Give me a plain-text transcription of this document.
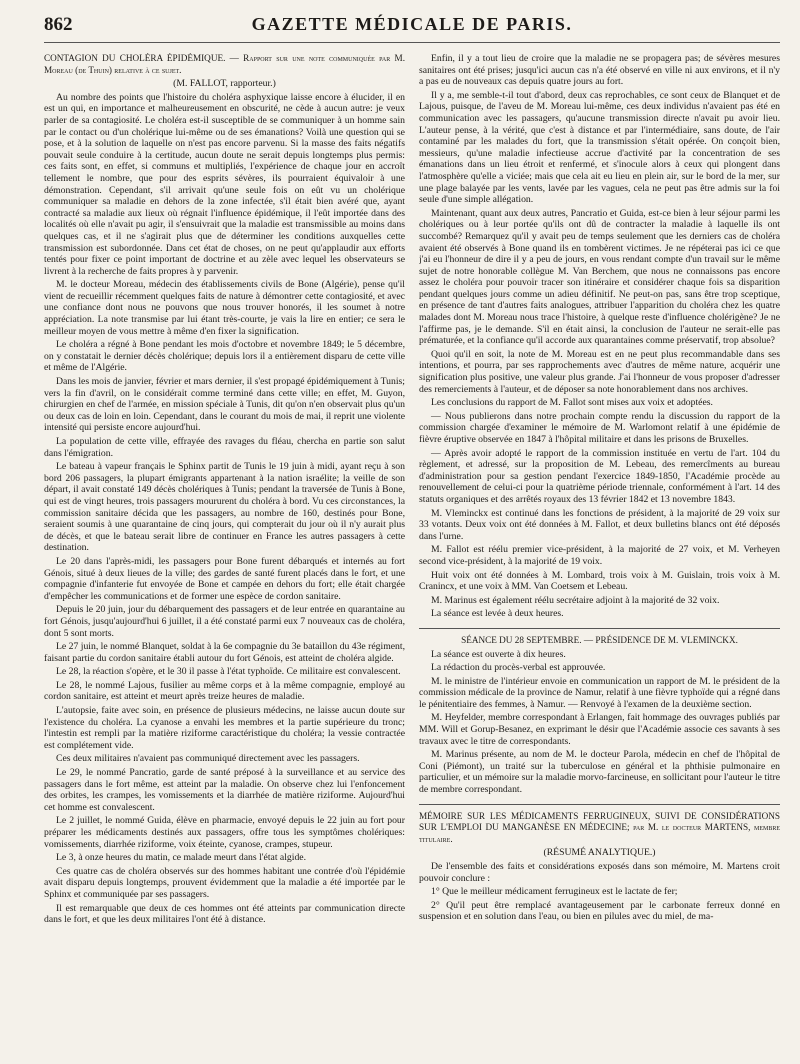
862	GAZETTE MÉDICALE DE PARIS.

CONTAGION DU CHOLÉRA ÉPIDÉMIQUE. — Rapport sur une note communiquée par M. Moreau (de Thuin) relative à ce sujet.

(M. FALLOT, rapporteur.)

Au nombre des points que l'histoire du choléra asphyxique laisse encore à élucider, il en est un qui, en importance et malheureusement en obscurité, ne cède à aucun autre: je veux parler de sa contagiosité. Le choléra est-il susceptible de se communiquer à un homme sain par le contact ou d'un cholérique lui-même ou de ses émanations? Voilà une question qui se pose, et à la solution de laquelle on n'est pas encore parvenu. Si la masse des faits négatifs pouvait seule conduire à la certitude, aucun doute ne serait depuis longtemps plus permis: ces faits sont, en effet, si communs et multipliés, l'expérience de chaque jour en accroît tellement le nombre, que pour des esprits sévères, ils pourraient équivaloir à une démonstration. Cependant, s'il arrivait qu'une seule fois on eût vu un cholérique communiquer sa maladie en dehors de la zone infectée, s'il était bien avéré que, ayant contracté sa maladie aux lieux où régnait l'influence épidémique, il l'eût importée dans des localités où elle n'avait pu agir, il s'ensuivrait que la maladie est transmissible au moins dans quelques cas, et il ne s'agirait plus que de déterminer les conditions auxquelles cette transmission est subordonnée. Dans cet état de choses, on ne peut qu'applaudir aux efforts tentés pour fixer ce point important de doctrine et au zèle avec lequel les observateurs se livrent à la recherche de faits propres à y parvenir.

M. le docteur Moreau, médecin des établissements civils de Bone (Algérie), pense qu'il vient de recueillir récemment quelques faits de nature à démontrer cette contagiosité, et avec une confiance dont nous ne pouvons que nous trouver honorés, il les soumet à notre appréciation. La note transmise par lui étant très-courte, je vais la lire en entier; ce sera le meilleur moyen de vous mettre à même d'en fixer la signification.

Le choléra a régné à Bone pendant les mois d'octobre et novembre 1849; le 5 décembre, on y constatait le dernier décès cholérique; depuis lors il a entièrement disparu de cette ville et même de l'Algérie.

Dans les mois de janvier, février et mars dernier, il s'est propagé épidémiquement à Tunis; vers la fin d'avril, on le considérait comme terminé dans cette ville; en effet, M. Guyon, chirurgien en chef de l'armée, en mission spéciale à Tunis, dit qu'on n'en observait plus qu'un ou deux cas de loin en loin. Cependant, dans le courant du mois de mai, il reprit une violente intensité qui persiste encore aujourd'hui.

La population de cette ville, effrayée des ravages du fléau, chercha en partie son salut dans l'émigration.

Le bateau à vapeur français le Sphinx partit de Tunis le 19 juin à midi, ayant reçu à son bord 206 passagers, la plupart émigrants appartenant à la nation israélite; la veille de son départ, il avait constaté 149 décès cholériques à Tunis; pendant la traversée de Tunis à Bone, qui est de vingt heures, trois passagers moururent du choléra à bord. Vu ces circonstances, la commission sanitaire décida que les passagers, au nombre de 160, destinés pour Bone, seraient soumis à une quarantaine de cinq jours, qui compterait du jour où il n'y aurait plus de décès, et que le bateau serait libre de continuer en France les autres passagers à cette destination.

Le 20 dans l'après-midi, les passagers pour Bone furent débarqués et internés au fort Génois, situé à deux lieues de la ville; des gardes de santé furent placés dans le fort, et une compagnie d'infanterie fut envoyée de Bone et campée en dehors du fort; elle était chargée d'empêcher les communications et de former une espèce de cordon sanitaire.

Depuis le 20 juin, jour du débarquement des passagers et de leur entrée en quarantaine au fort Génois, jusqu'aujourd'hui 6 juillet, il a été constaté parmi eux 7 nouveaux cas de choléra, dont 5 sont morts.

Le 27 juin, le nommé Blanquet, soldat à la 6e compagnie du 3e bataillon du 43e régiment, faisant partie du cordon sanitaire établi autour du fort Génois, est atteint de choléra algide.

Le 28, la réaction s'opère, et le 30 il passe à l'état typhoïde. Ce militaire est convalescent.

Le 28, le nommé Lajous, fusilier au même corps et à la même compagnie, employé au cordon sanitaire, est atteint et meurt après treize heures de maladie.

L'autopsie, faite avec soin, en présence de plusieurs médecins, ne laisse aucun doute sur l'existence du choléra. La cyanose a envahi les membres et la partie supérieure du tronc; l'intestin est rempli par la matière riziforme caractéristique du choléra; la vessie contractée est complétement vide.

Ces deux militaires n'avaient pas communiqué directement avec les passagers.

Le 29, le nommé Pancratio, garde de santé préposé à la surveillance et au service des passagers dans le fort même, est atteint par la maladie. On observe chez lui l'enfoncement des orbites, les crampes, les vomissements et la diarrhée de matière riziforme. Aujourd'hui cet homme est convalescent.

Le 2 juillet, le nommé Guida, élève en pharmacie, envoyé depuis le 22 juin au fort pour préparer les médicaments destinés aux passagers, offre tous les symptômes cholériques: vomissements, diarrhée riziforme, voix éteinte, cyanose, crampes, stupeur.

Le 3, à onze heures du matin, ce malade meurt dans l'état algide.

Ces quatre cas de choléra observés sur des hommes habitant une contrée d'où l'épidémie avait disparu depuis longtemps, prouvent évidemment que la maladie a été importée par le Sphinx et communiquée par ses passagers.

Il est remarquable que deux de ces hommes ont été atteints par communication directe dans le fort, et que les deux militaires l'ont été à distance.

Enfin, il y a tout lieu de croire que la maladie ne se propagera pas; de sévères mesures sanitaires ont été prises; jusqu'ici aucun cas n'a été observé en ville ni aux environs, et il n'y a pas eu de nouveaux cas depuis quatre jours au fort.

Il y a, me semble-t-il tout d'abord, deux cas reprochables, ce sont ceux de Blanquet et de Lajous, puisque, de l'aveu de M. Moreau lui-même, ces deux individus n'avaient pas été en communication avec les passagers, qu'aucune transmission directe n'avait pu avoir lieu. L'auteur pense, à la vérité, que c'est à distance et par l'intermédiaire, sans doute, de l'air contaminé par les malades du fort, que la transmission s'était opérée. On conçoit bien, messieurs, qu'une maladie infectieuse accrue d'activité par la concentration de ses émanations dans un lieu étroit et renfermé, et s'inocule alors à ceux qui plongent dans l'atmosphère qu'elle a viciée; mais que cela ait eu lieu en plein air, sur le bord de la mer, sur une plage balayée par les vents, lavée par les vagues, cela ne peut pas être admis sur la foi seule d'une simple allégation.

Maintenant, quant aux deux autres, Pancratio et Guida, est-ce bien à leur séjour parmi les cholériques ou à leur portée qu'ils ont dû de contracter la maladie à laquelle ils ont succombé? Remarquez qu'il y avait peu de temps seulement que les derniers cas de choléra avaient été observés à Bone quand ils en tombèrent victimes. Je ne répéterai pas ici ce que j'ai eu l'honneur de dire il y a peu de jours, en vous rendant compte d'un travail sur le même sujet de notre honorable collègue M. Van Berchem, que nous ne connaissons pas encore assez le choléra pour pouvoir tracer son itinéraire et considérer chaque fois sa disparition pendant quelques jours comme un adieu définitif. Ne peut-on pas, sans être trop sceptique, en présence de tant d'autres faits analogues, attribuer l'apparition du choléra chez les quatre malades dont M. Moreau nous trace l'histoire, à quelque reste d'influence cholérigène? Je ne l'affirme pas, je le demande. S'il en était ainsi, la conclusion de l'auteur ne serait-elle pas prématurée, et la confiance qu'il accorde aux quarantaines comme préservatif, trop absolue?

Quoi qu'il en soit, la note de M. Moreau est en ne peut plus recommandable dans ses intentions, et pourra, par ses rapprochements avec d'autres de même nature, acquérir une signification plus positive, une valeur plus grande. J'ai l'honneur de vous proposer d'adresser des remerciements à l'auteur, et de déposer sa note honorablement dans nos archives.

Les conclusions du rapport de M. Fallot sont mises aux voix et adoptées.

— Nous publierons dans notre prochain compte rendu la discussion du rapport de la commission chargée d'examiner le mémoire de M. Warlomont relatif à une épidémie de fièvre éruptive observée en 1847 à l'hôpital militaire et dans les prisons de Bruxelles.

— Après avoir adopté le rapport de la commission instituée en vertu de l'art. 104 du règlement, et adressé, sur la proposition de M. Lebeau, des remercîments au bureau d'administration pour sa gestion pendant l'exercice 1849-1850, l'Académie procède au renouvellement de celui-ci pour la quatrième période triennale, conformément à l'art. 14 des statuts organiques et des arrêtés royaux des 13 février 1842 et 13 novembre 1843.

M. Vleminckx est continué dans les fonctions de président, à la majorité de 29 voix sur 33 votants. Deux voix ont été données à M. Fallot, et deux bulletins blancs ont été déposés dans l'urne.

M. Fallot est réélu premier vice-président, à la majorité de 27 voix, et M. Verheyen second vice-président, à la majorité de 19 voix.

Huit voix ont été données à M. Lombard, trois voix à M. Guislain, trois voix à M. Cranincx, et une voix à MM. Van Coetsem et Lebeau.

M. Marinus est également réélu secrétaire adjoint à la majorité de 32 voix.

La séance est levée à deux heures.

SÉANCE DU 28 SEPTEMBRE. — PRÉSIDENCE DE M. VLEMINCKX.

La séance est ouverte à dix heures.

La rédaction du procès-verbal est approuvée.

M. le ministre de l'intérieur envoie en communication un rapport de M. le président de la commission médicale de la province de Namur, relatif à une fièvre typhoïde qui a régné dans le pénitentiaire des femmes, à Namur. — Renvoyé à l'examen de la deuxième section.

M. Heyfelder, membre correspondant à Erlangen, fait hommage des ouvrages publiés par MM. Will et Gorup-Besanez, en exprimant le désir que l'Académie associe ces savants à ses travaux avec le titre de correspondants.

M. Marinus présente, au nom de M. le docteur Parola, médecin en chef de l'hôpital de Coni (Piémont), un traité sur la tuberculose en général et la phthisie pulmonaire en particulier, et un mémoire sur la maladie morvo-farcineuse, en sollicitant pour l'auteur le titre de membre correspondant.

MÉMOIRE SUR LES MÉDICAMENTS FERRUGINEUX, SUIVI DE CONSIDÉRATIONS SUR L'EMPLOI DU MANGANÈSE EN MÉDECINE; par M. le docteur MARTENS, membre titulaire.

(RÉSUMÉ ANALYTIQUE.)

De l'ensemble des faits et considérations exposés dans son mémoire, M. Martens croit pouvoir conclure :

1° Que le meilleur médicament ferrugineux est le lactate de fer;

2° Qu'il peut être remplacé avantageusement par le carbonate ferreux donné en suspension et en solution dans l'eau, ou bien en pilules avec du miel, de ma-
